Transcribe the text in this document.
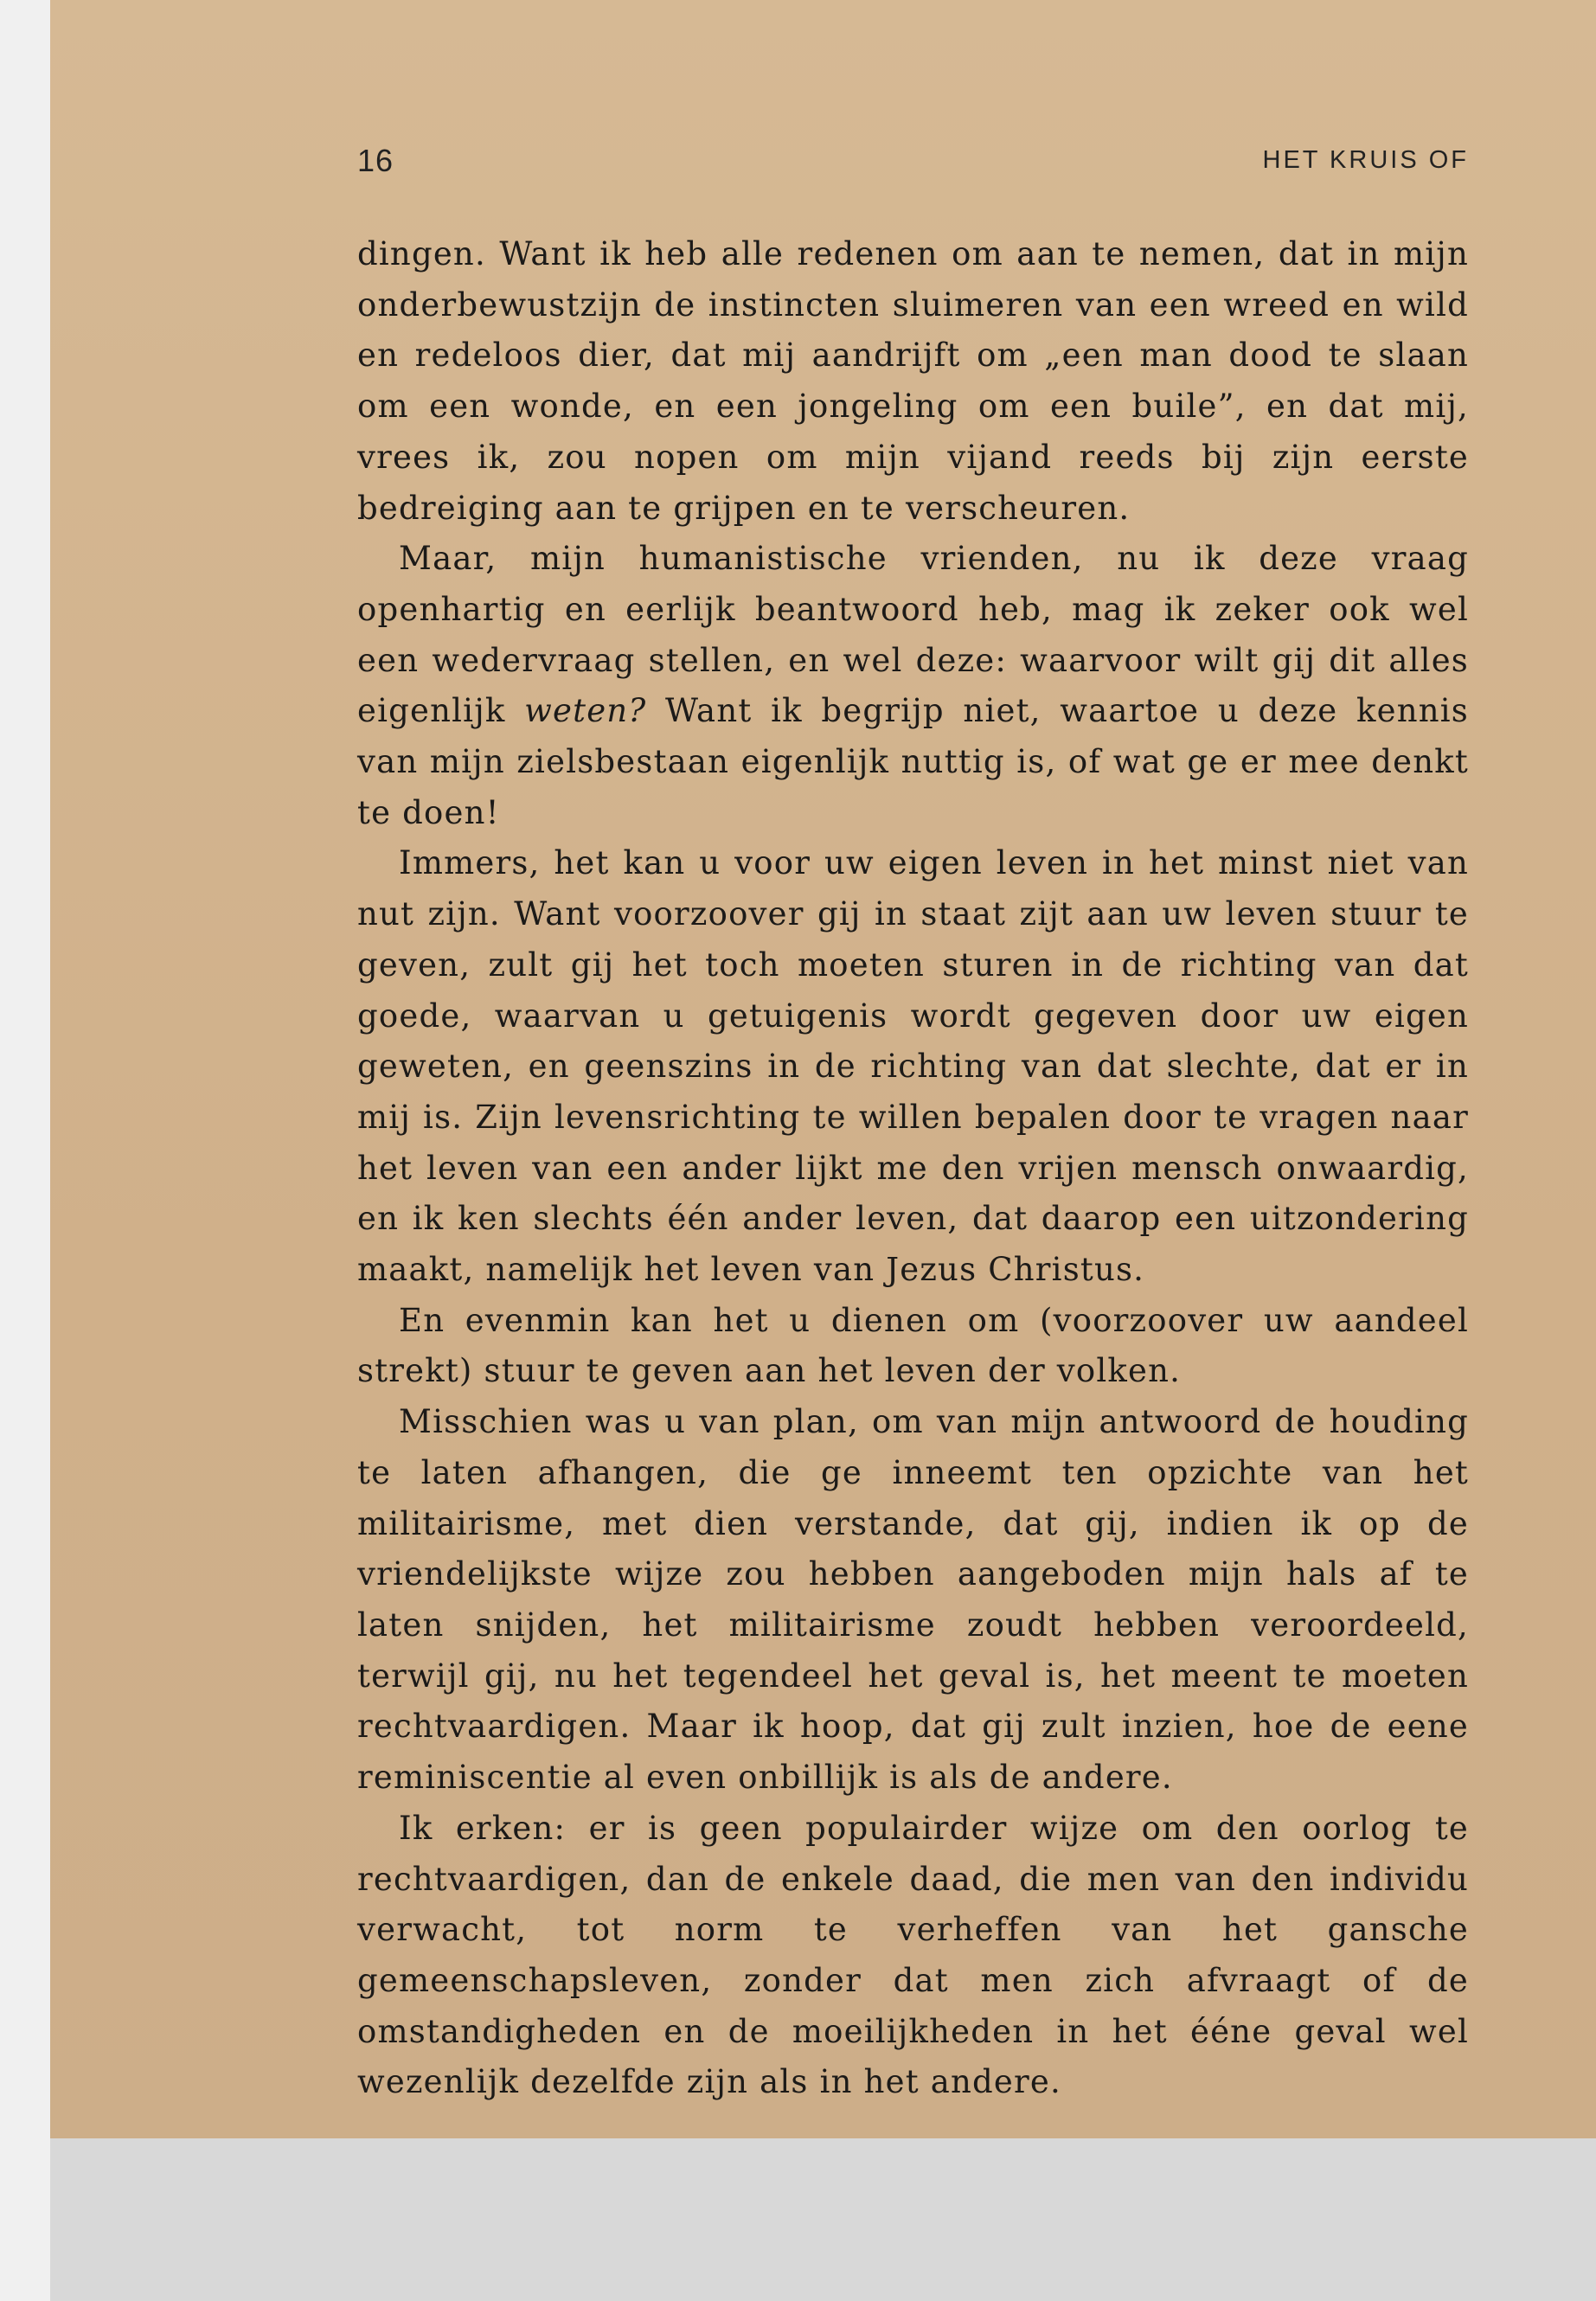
16	HET KRUIS OF

dingen. Want ik heb alle redenen om aan te nemen, dat in mijn onderbewustzijn de instincten sluimeren van een wreed en wild en redeloos dier, dat mij aandrijft om „een man dood te slaan om een wonde, en een jongeling om een buile”, en dat mij, vrees ik, zou nopen om mijn vijand reeds bij zijn eerste bedreiging aan te grijpen en te verscheuren.

Maar, mijn humanistische vrienden, nu ik deze vraag openhartig en eerlijk beantwoord heb, mag ik zeker ook wel een wedervraag stellen, en wel deze: waarvoor wilt gij dit alles eigenlijk weten? Want ik begrijp niet, waartoe u deze kennis van mijn zielsbestaan eigenlijk nuttig is, of wat ge er mee denkt te doen!

Immers, het kan u voor uw eigen leven in het minst niet van nut zijn. Want voorzoover gij in staat zijt aan uw leven stuur te geven, zult gij het toch moeten sturen in de richting van dat goede, waarvan u getuigenis wordt gegeven door uw eigen geweten, en geenszins in de richting van dat slechte, dat er in mij is. Zijn levensrichting te willen bepalen door te vragen naar het leven van een ander lijkt me den vrijen mensch onwaardig, en ik ken slechts één ander leven, dat daarop een uitzondering maakt, namelijk het leven van Jezus Christus.

En evenmin kan het u dienen om (voorzoover uw aandeel strekt) stuur te geven aan het leven der volken.

Misschien was u van plan, om van mijn antwoord de houding te laten afhangen, die ge inneemt ten opzichte van het militairisme, met dien verstande, dat gij, indien ik op de vriendelijkste wijze zou hebben aangeboden mijn hals af te laten snijden, het militairisme zoudt hebben veroordeeld, terwijl gij, nu het tegendeel het geval is, het meent te moeten rechtvaardigen. Maar ik hoop, dat gij zult inzien, hoe de eene reminiscentie al even onbillijk is als de andere.

Ik erken: er is geen populairder wijze om den oorlog te rechtvaardigen, dan de enkele daad, die men van den individu verwacht, tot norm te verheffen van het gansche gemeenschapsleven, zonder dat men zich afvraagt of de omstandigheden en de moeilijkheden in het ééne geval wel wezenlijk dezelfde zijn als in het andere.
